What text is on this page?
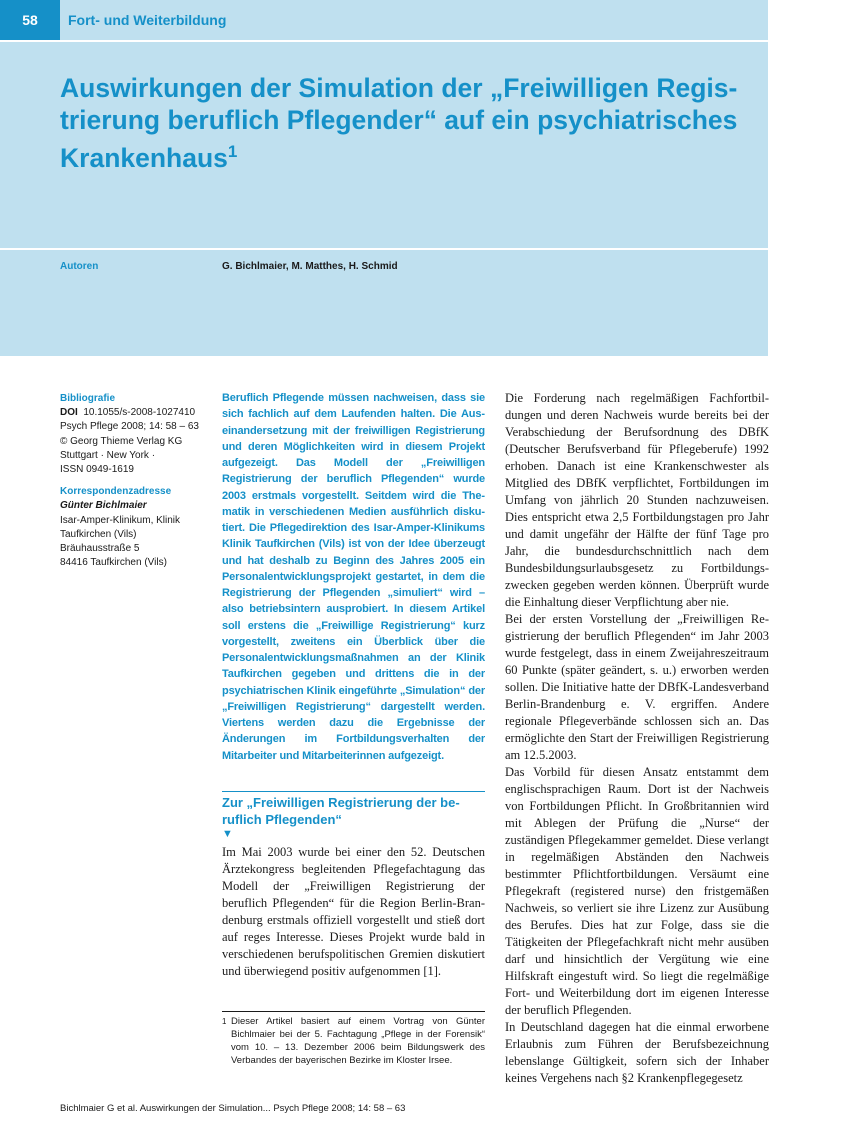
58	Fort- und Weiterbildung
Auswirkungen der Simulation der „Freiwilligen Registrierung beruflich Pflegender“ auf ein psychiatrisches Krankenhaus$^1$
Autoren	G. Bichlmaier, M. Matthes, H. Schmid
Bibliografie
DOI 10.1055/s-2008-1027410
Psych Pflege 2008; 14: 58 – 63
© Georg Thieme Verlag KG
Stuttgart · New York ·
ISSN 0949-1619
Korrespondenzadresse
Günter Bichlmaier
Isar-Amper-Klinikum, Klinik Taufkirchen (Vils)
Bräuhausstraße 5
84416 Taufkirchen (Vils)

Beruflich Pflegende müssen nachweisen, dass sie sich fachlich auf dem Laufenden halten. Die Auseinandersetzung mit der freiwilligen Registrierung und deren Möglichkeiten wird in diesem Projekt aufgezeigt. Das Modell der „Freiwilligen Registrierung der beruflich Pflegenden“ wurde 2003 erstmals vorgestellt. Seitdem wird die Thematik in verschiedenen Medien ausführlich diskutiert. Die Pflegedirektion des Isar-Amper-Klinikums Klinik Taufkirchen (Vils) ist von der Idee überzeugt und hat deshalb zu Beginn des Jahres 2005 ein Personalentwicklungsprojekt gestartet, in dem die Registrierung der Pflegenden „simuliert“ wird – also betriebsintern ausprobiert. In diesem Artikel soll erstens die „Freiwillige Registrierung“ kurz vorgestellt, zweitens ein Überblick über die Personalentwicklungsmaßnahmen an der Klinik Taufkirchen gegeben und drittens die in der psychiatrischen Klinik eingeführte „Simulation“ der „Freiwilligen Registrierung“ dargestellt werden. Viertens werden dazu die Ergebnisse der Änderungen im Fortbildungsverhalten der Mitarbeiter und Mitarbeiterinnen aufgezeigt.

Zur „Freiwilligen Registrierung der beruflich Pflegenden“
▼

Im Mai 2003 wurde bei einer den 52. Deutschen Ärztekongress begleitenden Pflegefachtagung das Modell der „Freiwilligen Registrierung der beruflich Pflegenden“ für die Region Berlin-Brandenburg erstmals offiziell vorgestellt und stieß dort auf reges Interesse. Dieses Projekt wurde bald in verschiedenen berufspolitischen Gremien diskutiert und überwiegend positiv aufgenommen [1].

1 Dieser Artikel basiert auf einem Vortrag von Günter Bichlmaier bei der 5. Fachtagung „Pflege in der Forensik“ vom 10. – 13. Dezember 2006 beim Bildungswerk des Verbandes der bayerischen Bezirke im Kloster Irsee.

Die Forderung nach regelmäßigen Fachfortbildungen und deren Nachweis wurde bereits bei der Verabschiedung der Berufsordnung des DBfK (Deutscher Berufsverband für Pflegeberufe) 1992 erhoben. Danach ist eine Krankenschwester als Mitglied des DBfK verpflichtet, Fortbildungen im Umfang von jährlich 20 Stunden nachzuweisen. Dies entspricht etwa 2,5 Fortbildungstagen pro Jahr und damit ungefähr der Hälfte der fünf Tage pro Jahr, die bundesdurchschnittlich nach dem Bundesbildungsurlaubsgesetz zu Fortbildungszwecken gegeben werden können. Überprüft wurde die Einhaltung dieser Verpflichtung aber nie.

Bei der ersten Vorstellung der „Freiwilligen Registrierung der beruflich Pflegenden“ im Jahr 2003 wurde festgelegt, dass in einem Zweijahreszeitraum 60 Punkte (später geändert, s. u.) erworben werden sollen. Die Initiative hatte der DBfK-Landesverband Berlin-Brandenburg e. V. ergriffen. Andere regionale Pflegeverbände schlossen sich an. Das ermöglichte den Start der Freiwilligen Registrierung am 12.5.2003.

Das Vorbild für diesen Ansatz entstammt dem englischsprachigen Raum. Dort ist der Nachweis von Fortbildungen Pflicht. In Großbritannien wird mit Ablegen der Prüfung die „Nurse“ der zuständigen Pflegekammer gemeldet. Diese verlangt in regelmäßigen Abständen den Nachweis bestimmter Pflichtfortbildungen. Versäumt eine Pflegekraft (registered nurse) den fristgemäßen Nachweis, so verliert sie ihre Lizenz zur Ausübung des Berufes. Dies hat zur Folge, dass sie die Tätigkeiten der Pflegefachkraft nicht mehr ausüben darf und hinsichtlich der Vergütung wie eine Hilfskraft eingestuft wird. So liegt die regelmäßige Fort- und Weiterbildung dort im eigenen Interesse der beruflich Pflegenden.

In Deutschland dagegen hat die einmal erworbene Erlaubnis zum Führen der Berufsbezeichnung lebenslange Gültigkeit, sofern sich der Inhaber keines Vergehens nach §2 Krankenpflegegesetz

Bichlmaier G et al. Auswirkungen der Simulation... Psych Pflege 2008; 14: 58 – 63
